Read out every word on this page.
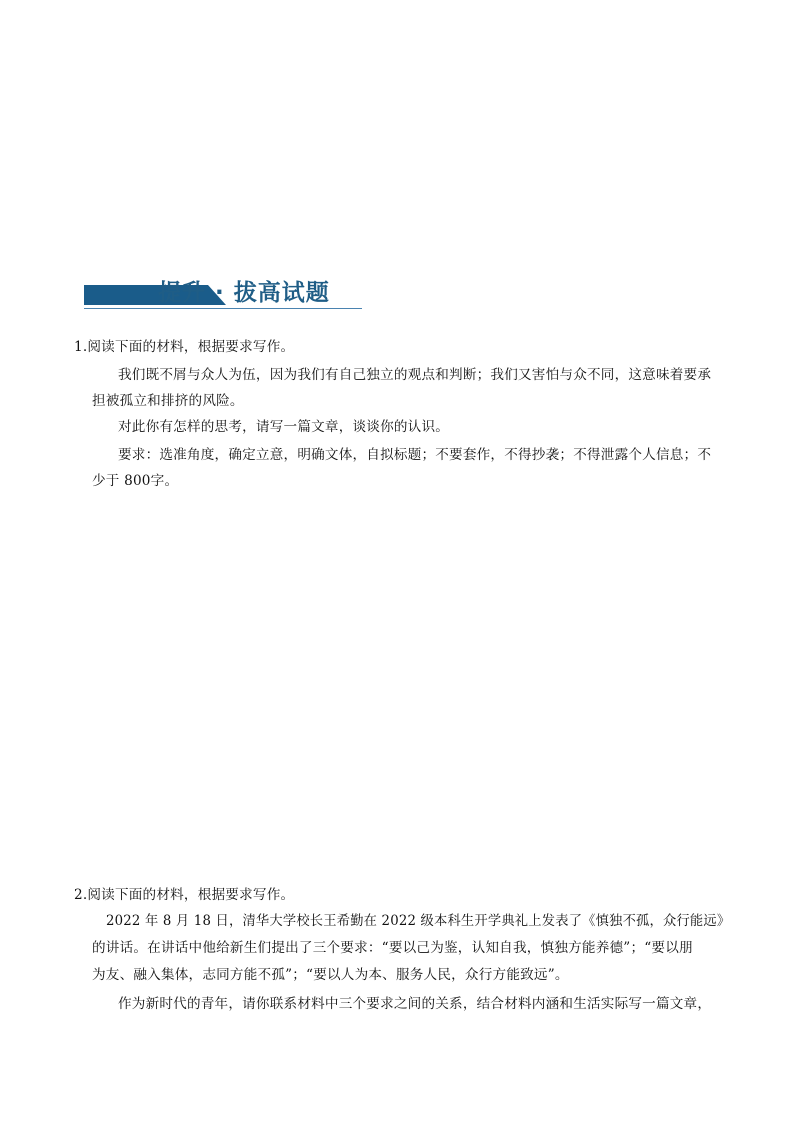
提升 · 拔高试题
1.阅读下面的材料，根据要求写作。
我们既不屑与众人为伍，因为我们有自己独立的观点和判断；我们又害怕与众不同，这意味着要承
担被孤立和排挤的风险。
对此你有怎样的思考，请写一篇文章，谈谈你的认识。
要求：选准角度，确定立意，明确文体，自拟标题；不要套作，不得抄袭；不得泄露个人信息；不
少于 800字。
2.阅读下面的材料，根据要求写作。
2022 年 8 月 18 日，清华大学校长王希勤在 2022 级本科生开学典礼上发表了《慎独不孤，众行能远》
的讲话。在讲话中他给新生们提出了三个要求：“要以己为鉴，认知自我，慎独方能养德”；“要以朋
为友、融入集体，志同方能不孤”；“要以人为本、服务人民，众行方能致远”。
作为新时代的青年，请你联系材料中三个要求之间的关系，结合材料内涵和生活实际写一篇文章，
